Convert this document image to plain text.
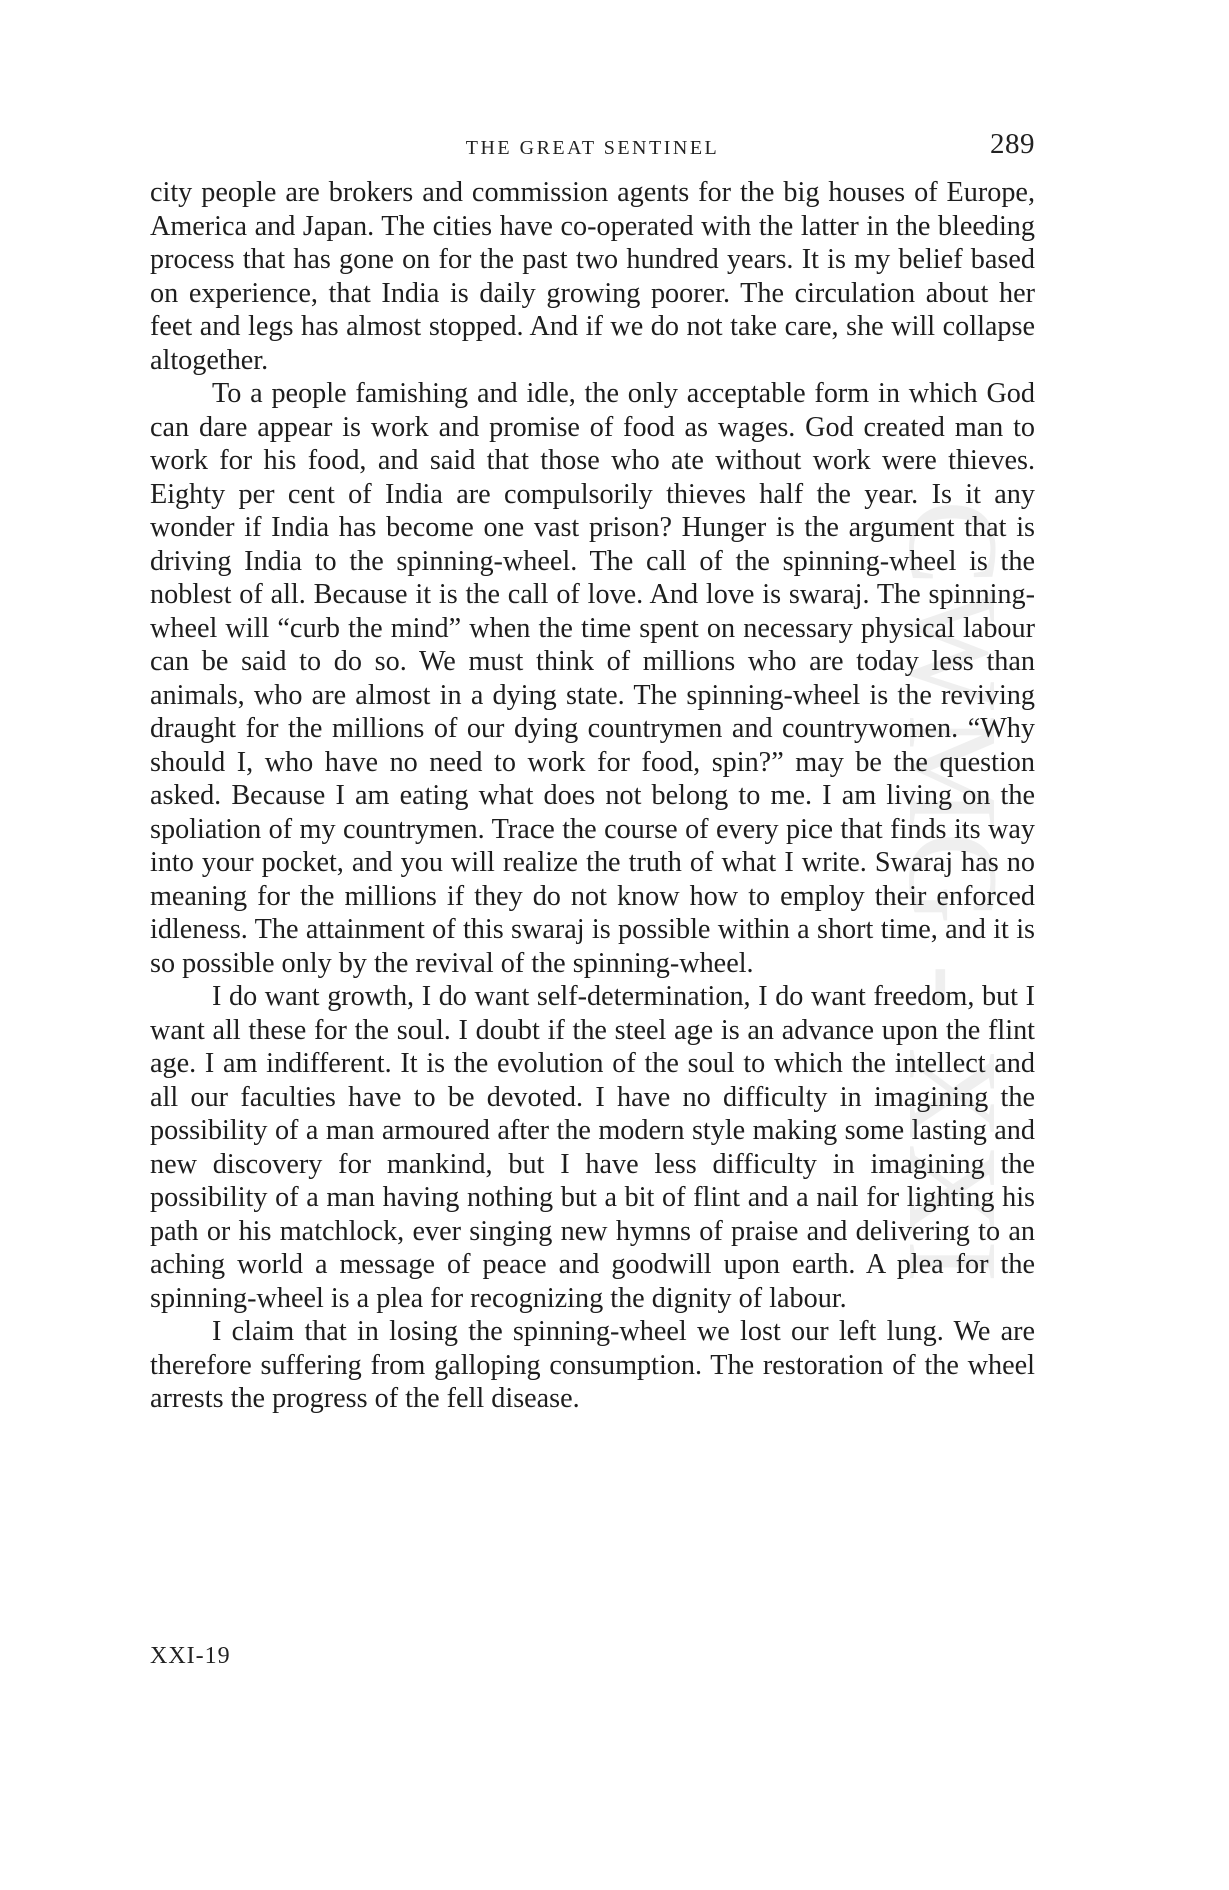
CWMG - XXI
THE GREAT SENTINEL	289

city people are brokers and commission agents for the big houses of Europe, America and Japan. The cities have co-operated with the latter in the bleeding process that has gone on for the past two hundred years. It is my belief based on experience, that India is daily growing poorer. The circulation about her feet and legs has almost stopped. And if we do not take care, she will collapse altogether.

To a people famishing and idle, the only acceptable form in which God can dare appear is work and promise of food as wages. God created man to work for his food, and said that those who ate without work were thieves. Eighty per cent of India are compulsorily thieves half the year. Is it any wonder if India has become one vast prison? Hunger is the argument that is driving India to the spinning-wheel. The call of the spinning-wheel is the noblest of all. Because it is the call of love. And love is swaraj. The spinning-wheel will “curb the mind” when the time spent on necessary physical labour can be said to do so. We must think of millions who are today less than animals, who are almost in a dying state. The spinning-wheel is the reviving draught for the millions of our dying countrymen and countrywomen. “Why should I, who have no need to work for food, spin?” may be the question asked. Because I am eating what does not belong to me. I am living on the spoliation of my countrymen. Trace the course of every pice that finds its way into your pocket, and you will realize the truth of what I write. Swaraj has no meaning for the millions if they do not know how to employ their enforced idleness. The attainment of this swaraj is possible within a short time, and it is so possible only by the revival of the spinning-wheel.

I do want growth, I do want self-determination, I do want freedom, but I want all these for the soul. I doubt if the steel age is an advance upon the flint age. I am indifferent. It is the evolution of the soul to which the intellect and all our faculties have to be devoted. I have no difficulty in imagining the possibility of a man armoured after the modern style making some lasting and new discovery for mankind, but I have less difficulty in imagining the possibility of a man having nothing but a bit of flint and a nail for lighting his path or his matchlock, ever singing new hymns of praise and delivering to an aching world a message of peace and goodwill upon earth. A plea for the spinning-wheel is a plea for recognizing the dignity of labour.

I claim that in losing the spinning-wheel we lost our left lung. We are therefore suffering from galloping consumption. The restoration of the wheel arrests the progress of the fell disease.

XXI-19
